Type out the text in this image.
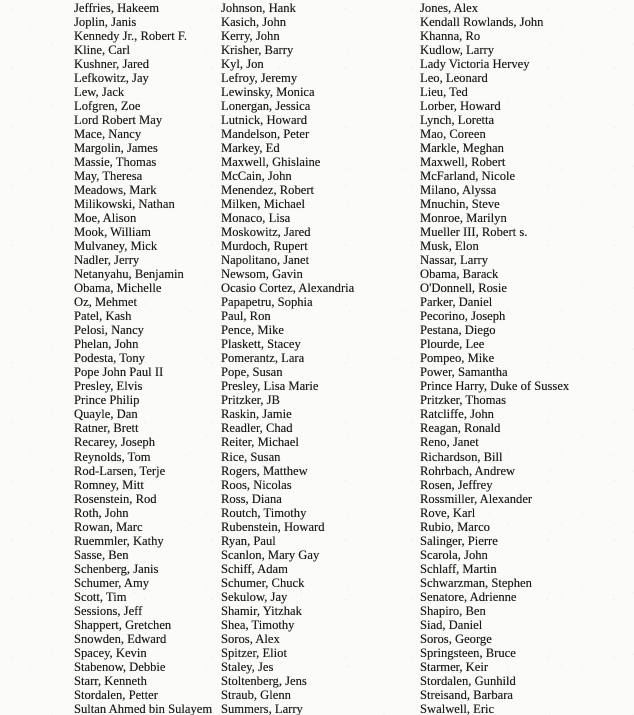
Jeffries, Hakeem
Joplin, Janis
Kennedy Jr., Robert F.
Kline, Carl
Kushner, Jared
Lefkowitz, Jay
Lew, Jack
Lofgren, Zoe
Lord Robert May
Mace, Nancy
Margolin, James
Massie, Thomas
May, Theresa
Meadows, Mark
Milikowski, Nathan
Moe, Alison
Mook, William
Mulvaney, Mick
Nadler, Jerry
Netanyahu, Benjamin
Obama, Michelle
Oz, Mehmet
Patel, Kash
Pelosi, Nancy
Phelan, John
Podesta, Tony
Pope John Paul II
Presley, Elvis
Prince Philip
Quayle, Dan
Ratner, Brett
Recarey, Joseph
Reynolds, Tom
Rod-Larsen, Terje
Romney, Mitt
Rosenstein, Rod
Roth, John
Rowan, Marc
Ruemmler, Kathy
Sasse, Ben
Schenberg, Janis
Schumer, Amy
Scott, Tim
Sessions, Jeff
Shappert, Gretchen
Snowden, Edward
Spacey, Kevin
Stabenow, Debbie
Starr, Kenneth
Stordalen, Petter
Sultan Ahmed bin Sulayem
Johnson, Hank
Kasich, John
Kerry, John
Krisher, Barry
Kyl, Jon
Lefroy, Jeremy
Lewinsky, Monica
Lonergan, Jessica
Lutnick, Howard
Mandelson, Peter
Markey, Ed
Maxwell, Ghislaine
McCain, John
Menendez, Robert
Milken, Michael
Monaco, Lisa
Moskowitz, Jared
Murdoch, Rupert
Napolitano, Janet
Newsom, Gavin
Ocasio Cortez, Alexandria
Papapetru, Sophia
Paul, Ron
Pence, Mike
Plaskett, Stacey
Pomerantz, Lara
Pope, Susan
Presley, Lisa Marie
Pritzker, JB
Raskin, Jamie
Readler, Chad
Reiter, Michael
Rice, Susan
Rogers, Matthew
Roos, Nicolas
Ross, Diana
Routch, Timothy
Rubenstein, Howard
Ryan, Paul
Scanlon, Mary Gay
Schiff, Adam
Schumer, Chuck
Sekulow, Jay
Shamir, Yitzhak
Shea, Timothy
Soros, Alex
Spitzer, Eliot
Staley, Jes
Stoltenberg, Jens
Straub, Glenn
Summers, Larry
Jones, Alex
Kendall Rowlands, John
Khanna, Ro
Kudlow, Larry
Lady Victoria Hervey
Leo, Leonard
Lieu, Ted
Lorber, Howard
Lynch, Loretta
Mao, Coreen
Markle, Meghan
Maxwell, Robert
McFarland, Nicole
Milano, Alyssa
Mnuchin, Steve
Monroe, Marilyn
Mueller III, Robert s.
Musk, Elon
Nassar, Larry
Obama, Barack
O'Donnell, Rosie
Parker, Daniel
Pecorino, Joseph
Pestana, Diego
Plourde, Lee
Pompeo, Mike
Power, Samantha
Prince Harry, Duke of Sussex
Pritzker, Thomas
Ratcliffe, John
Reagan, Ronald
Reno, Janet
Richardson, Bill
Rohrbach, Andrew
Rosen, Jeffrey
Rossmiller, Alexander
Rove, Karl
Rubio, Marco
Salinger, Pierre
Scarola, John
Schlaff, Martin
Schwarzman, Stephen
Senatore, Adrienne
Shapiro, Ben
Siad, Daniel
Soros, George
Springsteen, Bruce
Starmer, Keir
Stordalen, Gunhild
Streisand, Barbara
Swalwell, Eric
